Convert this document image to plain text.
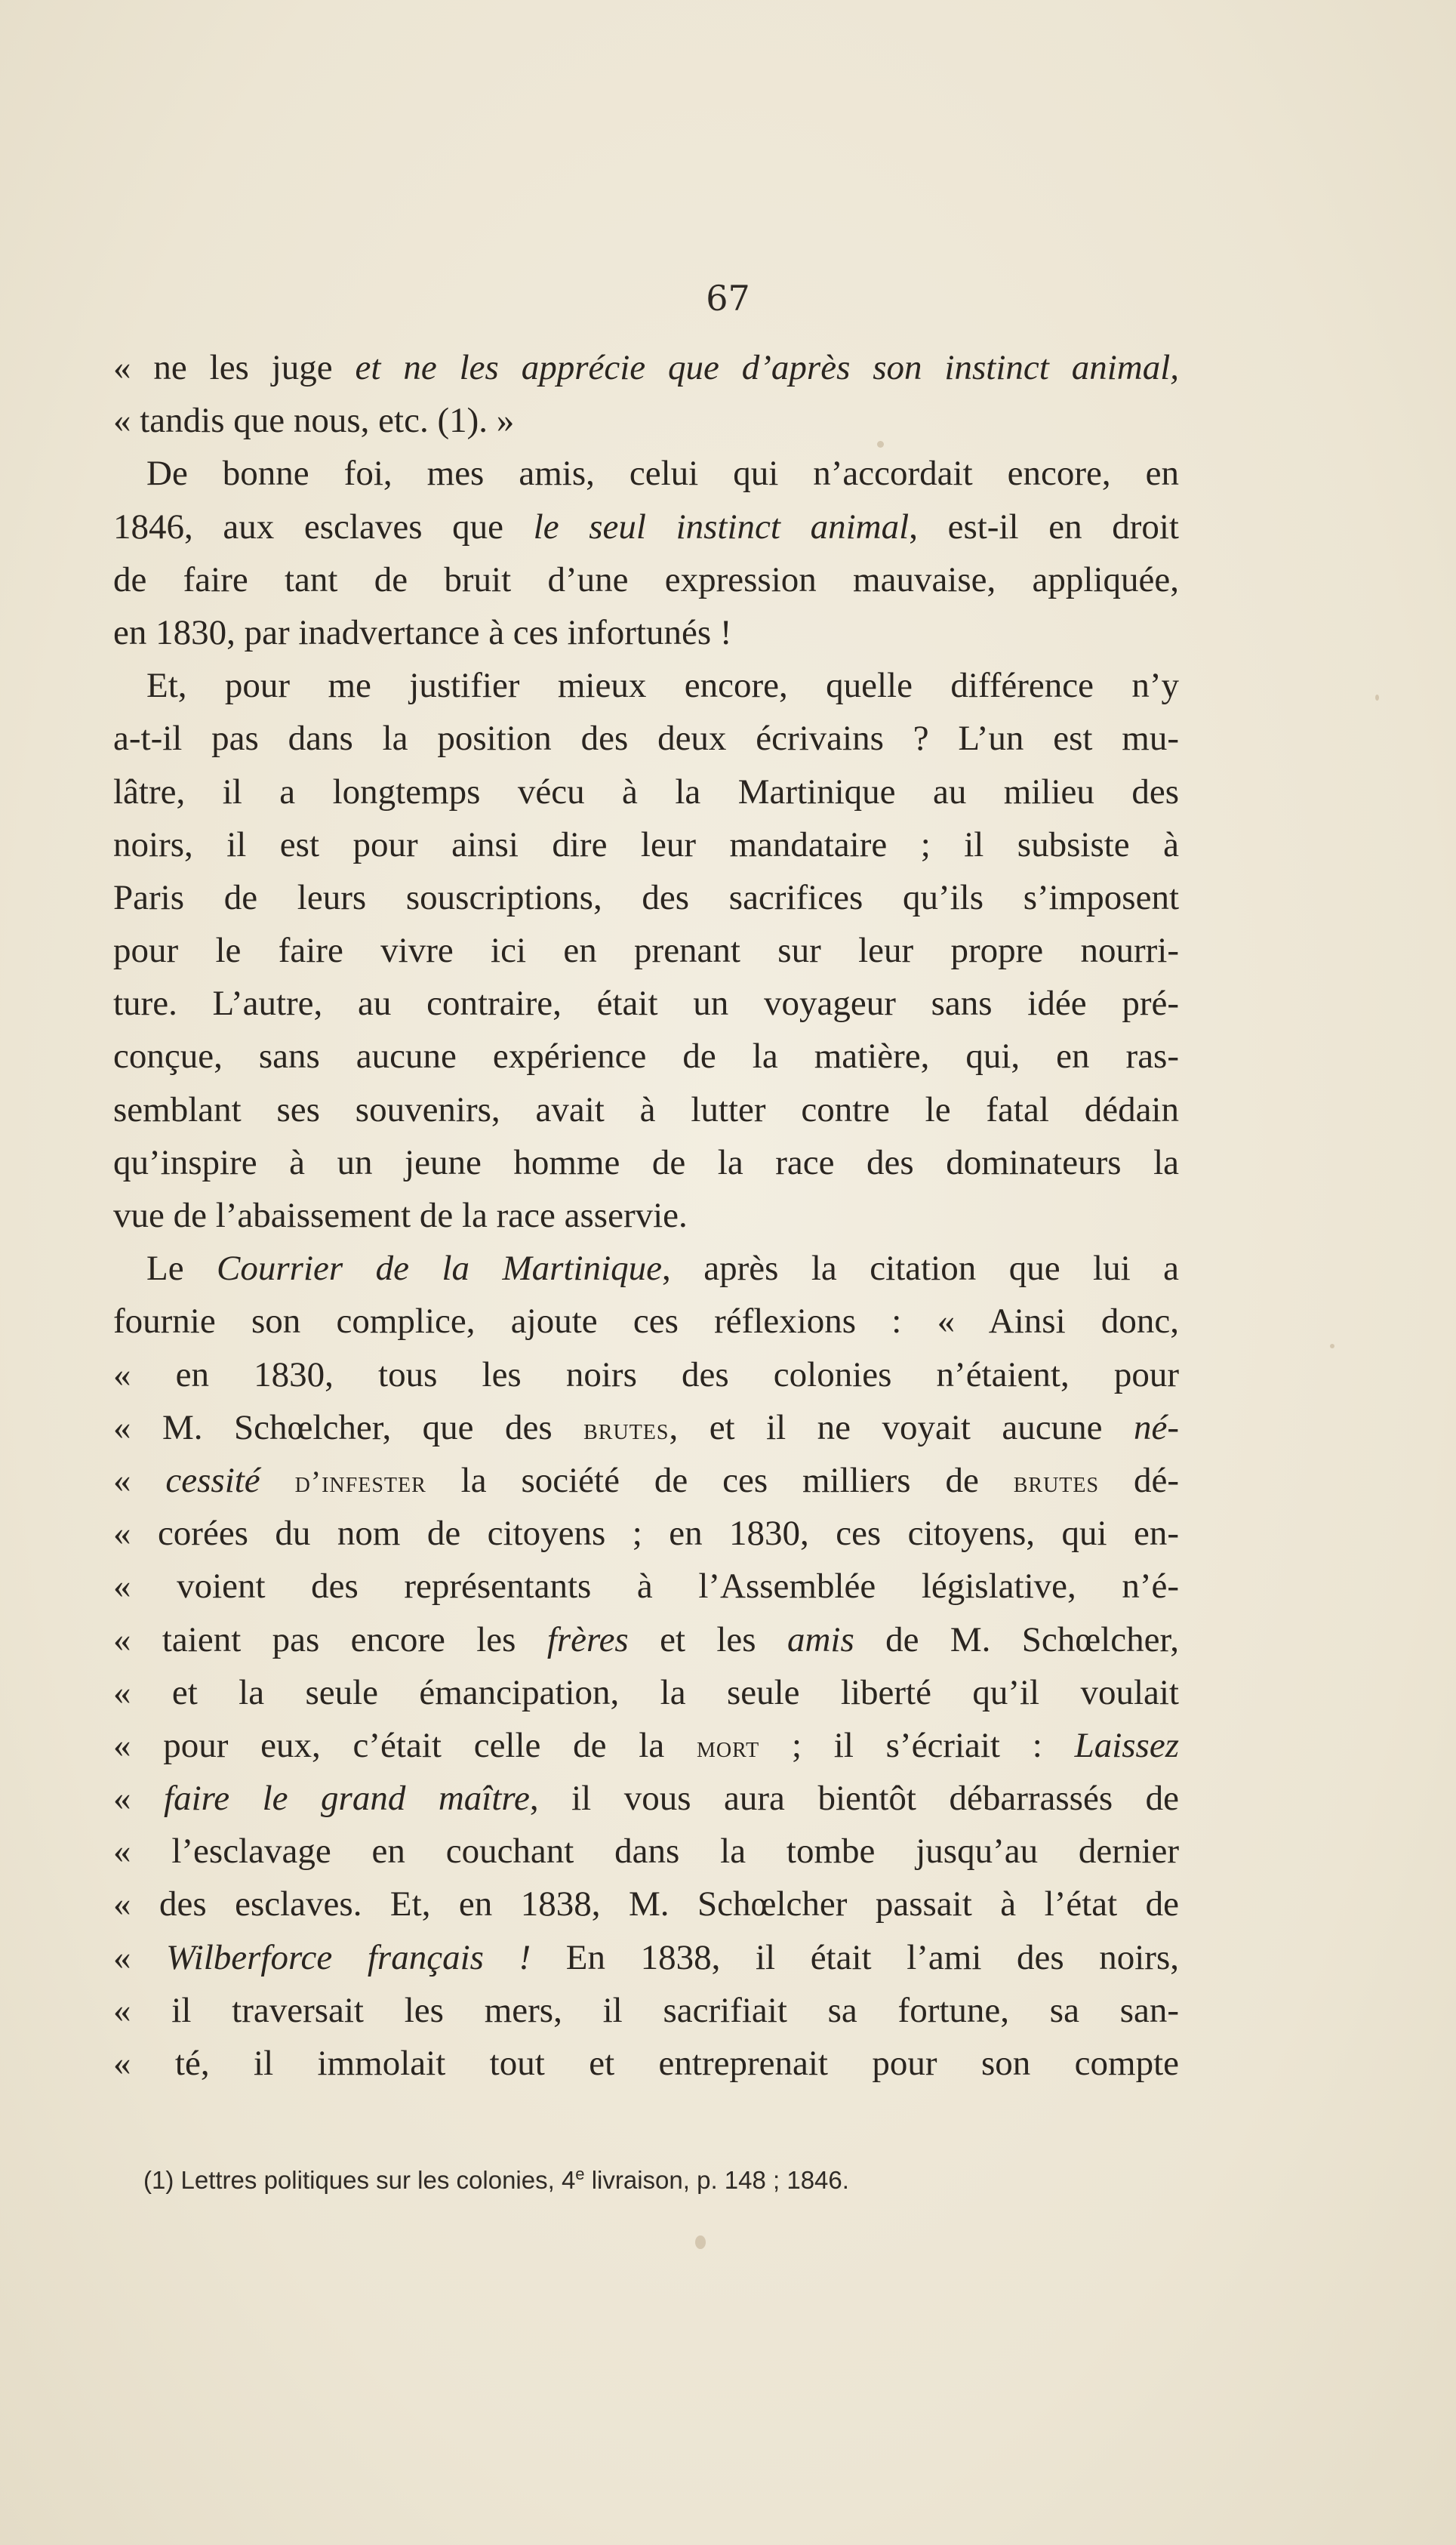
67
« ne les juge et ne les apprécie que d’après son instinct animal,
« tandis que nous, etc. (1). »
De bonne foi, mes amis, celui qui n’accordait encore, en
1846, aux esclaves que le seul instinct animal, est-il en droit
de faire tant de bruit d’une expression mauvaise, appliquée,
en 1830, par inadvertance à ces infortunés !
Et, pour me justifier mieux encore, quelle différence n’y
a-t-il pas dans la position des deux écrivains ? L’un est mu-
lâtre, il a longtemps vécu à la Martinique au milieu des
noirs, il est pour ainsi dire leur mandataire ; il subsiste à
Paris de leurs souscriptions, des sacrifices qu’ils s’imposent
pour le faire vivre ici en prenant sur leur propre nourri-
ture. L’autre, au contraire, était un voyageur sans idée pré-
conçue, sans aucune expérience de la matière, qui, en ras-
semblant ses souvenirs, avait à lutter contre le fatal dédain
qu’inspire à un jeune homme de la race des dominateurs la
vue de l’abaissement de la race asservie.
Le Courrier de la Martinique, après la citation que lui a
fournie son complice, ajoute ces réflexions : « Ainsi donc,
« en 1830, tous les noirs des colonies n’étaient, pour
« M. Schœlcher, que des brutes, et il ne voyait aucune né-
« cessité d’infester la société de ces milliers de brutes dé-
« corées du nom de citoyens ; en 1830, ces citoyens, qui en-
« voient des représentants à l’Assemblée législative, n’é-
« taient pas encore les frères et les amis de M. Schœlcher,
« et la seule émancipation, la seule liberté qu’il voulait
« pour eux, c’était celle de la mort ; il s’écriait : Laissez
« faire le grand maître, il vous aura bientôt débarrassés de
« l’esclavage en couchant dans la tombe jusqu’au dernier
« des esclaves. Et, en 1838, M. Schœlcher passait à l’état de
« Wilberforce français ! En 1838, il était l’ami des noirs,
« il traversait les mers, il sacrifiait sa fortune, sa san-
« té, il immolait tout et entreprenait pour son compte
(1) Lettres politiques sur les colonies, 4e livraison, p. 148 ; 1846.
